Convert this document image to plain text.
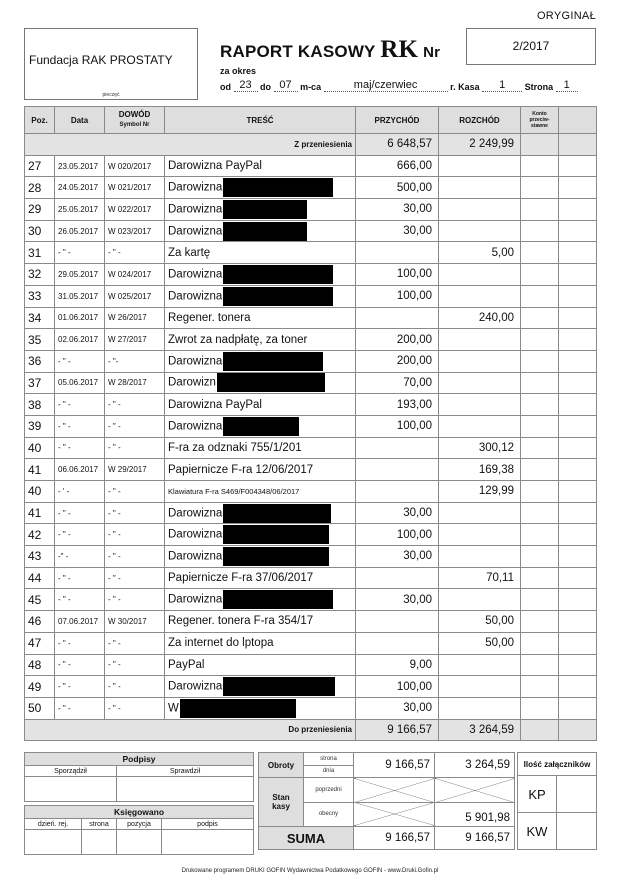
ORYGINAŁ
Fundacja RAK PROSTATY
pieczęć
RAPORT KASOWY RK Nr	2/2017
za okres
od 23 do 07 m-ca	maj/czerwiec	r. Kasa 1 Strona 1
Poz.	Data	DOWÓD
Symbol Nr	TREŚĆ	PRZYCHÓD	ROZCHÓD	Konto
przeciw-
stawne	
Z przeniesienia				6 648,57	2 249,99		
27	23.05.2017	W 020/2017	Darowizna PayPal	666,00			
28	24.05.2017	W 021/2017	Darowizna	500,00			
29	25.05.2017	W 022/2017	Darowizna	30,00			
30	26.05.2017	W 023/2017	Darowizna	30,00			
31	- " -	- " -	Za kartę		5,00		
32	29.05.2017	W 024/2017	Darowizna	100,00			
33	31.05.2017	W 025/2017	Darowizna	100,00			
34	01.06.2017	W 26/2017	Regener. tonera		240,00		
35	02.06.2017	W 27/2017	Zwrot za nadpłatę, za toner	200,00			
36	- " -	- "-	Darowizna	200,00			
37	05.06.2017	W 28/2017	Darowizn	70,00			
38	- " -	- " -	Darowizna PayPal	193,00			
39	- " -	- " -	Darowizna	100,00			
40	- " -	- " -	F-ra za odznaki 755/1/201		300,12		
41	06.06.2017	W 29/2017	Papiernicze F-ra 12/06/2017		169,38		
40	- ' -	- " -	Klawiatura F-ra S469/F004348/06/2017		129,99		
41	- " -	- " -	Darowizna	30,00			
42	- " -	- " -	Darowizna	100,00			
43	-" -	- " -	Darowizna	30,00			
44	- " -	- " -	Papiernicze F-ra 37/06/2017		70,11		
45	- " -	- " -	Darowizna	30,00			
46	07.06.2017	W 30/2017	Regener. tonera F-ra 354/17		50,00		
47	- " -	- " -	Za internet do lptopa		50,00		
48	- " -	- " -	PayPal	9,00			
49	- " -	- " -	Darowizna	100,00			
50	- " -	- " -	W	30,00			
Do przeniesienia				9 166,57	3 264,59		
Podpisy			
Sporządził		Sprawdził	

Księgowano			
dzień. rej.	strona	pozycja	podpis

Obroty	strona	9 166,57	3 264,59
	dnia		
Stan kasy	poprzedni		
	obecny		5 901,98
SUMA		9 166,57	9 166,57
Ilość załączników	
KP	
KW	
Drukowane programem DRUKI GOFIN Wydawnictwa Podatkowego GOFIN - www.Druki.Gofin.pl
